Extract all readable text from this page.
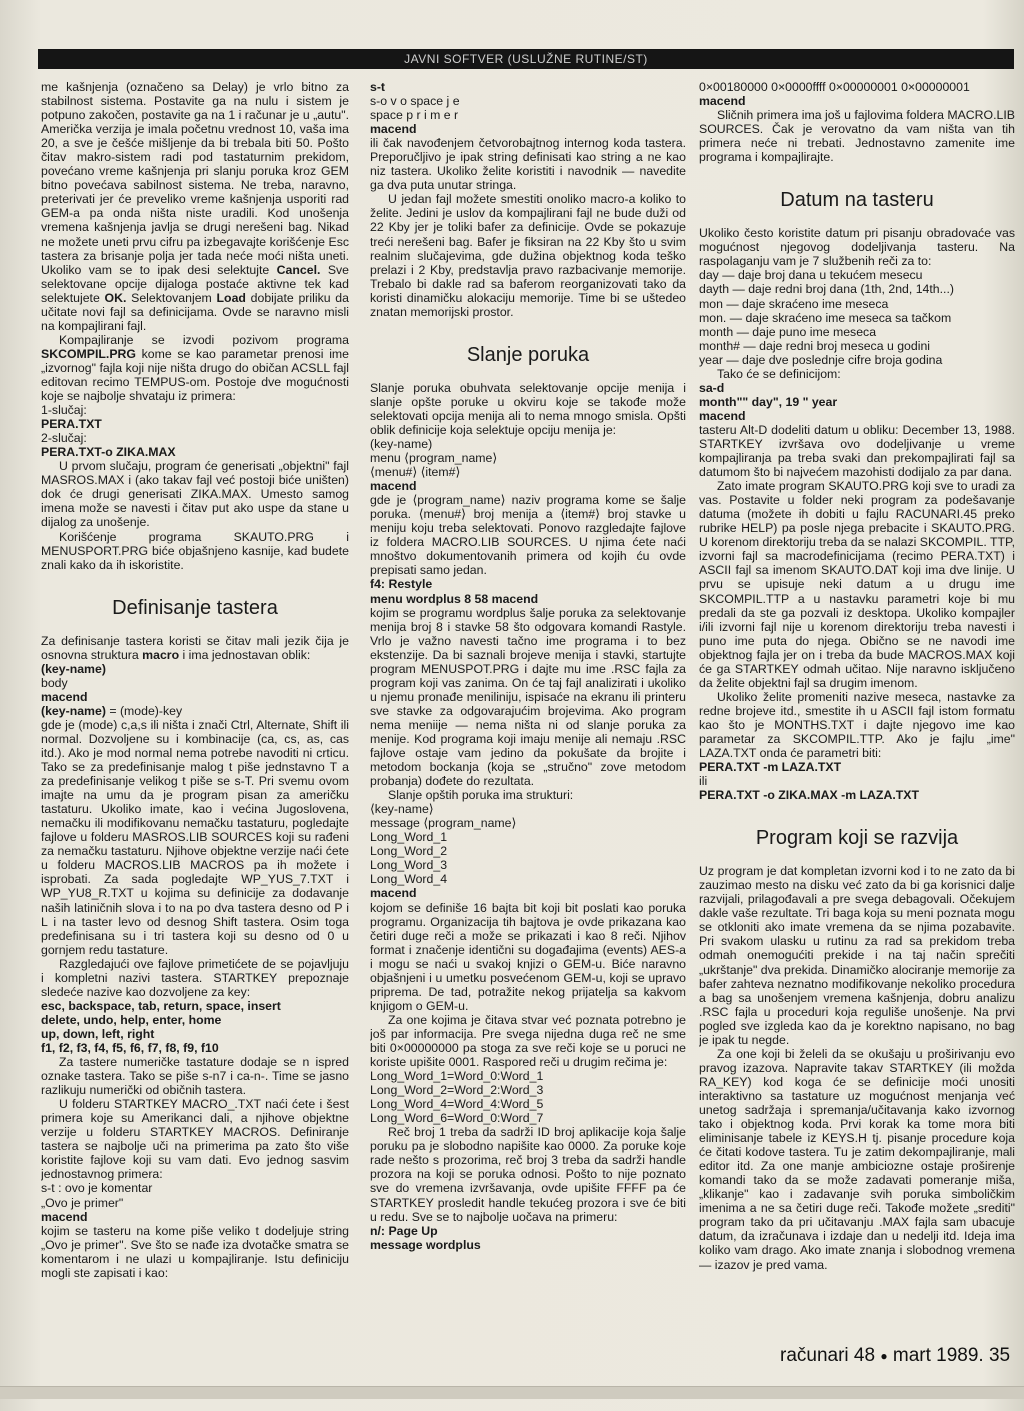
JAVNI SOFTVER (USLUŽNE RUTINE/ST)

me kašnjenja (označeno sa Delay) je vrlo bitno za stabilnost sistema. Postavite ga na nulu i sistem je potpuno zakočen, postavite ga na 1 i računar je u „autu". Američka verzija je imala početnu vrednost 10, vaša ima 20, a sve je češće mišljenje da bi trebala biti 50. Pošto čitav makro-sistem radi pod tastaturnim prekidom, povećano vreme kašnjenja pri slanju poruka kroz GEM bitno povećava sabilnost sistema. Ne treba, naravno, preterivati jer će preveliko vreme kašnjenja usporiti rad GEM-a pa onda ništa niste uradili. Kod unošenja vremena kašnjenja javlja se drugi nerešeni bag. Nikad ne možete uneti prvu cifru pa izbegavajte korišćenje Esc tastera za brisanje polja jer tada neće moći ništa uneti. Ukoliko vam se to ipak desi selektujte Cancel. Sve selektovane opcije dijaloga postaće aktivne tek kad selektujete OK. Selektovanjem Load dobijate priliku da učitate novi fajl sa definicijama. Ovde se naravno misli na kompajlirani fajl.

Kompajliranje se izvodi pozivom programa SKCOMPIL.PRG kome se kao parametar prenosi ime „izvornog" fajla koji nije ništa drugo do običan ACSLL fajl editovan recimo TEMPUS-om. Postoje dve mogućnosti koje se najbolje shvataju iz primera:

1-slučaj:

PERA.TXT

2-slučaj:

PERA.TXT-o ZIKA.MAX

U prvom slučaju, program će generisati „objektni" fajl MASROS.MAX i (ako takav fajl već postoji biće uništen) dok će drugi generisati ZIKA.MAX. Umesto samog imena može se navesti i čitav put ako uspe da stane u dijalog za unošenje.

Korišćenje programa SKAUTO.PRG i MENUSPORT.PRG biće objašnjeno kasnije, kad budete znali kako da ih iskoristite.

Definisanje tastera

Za definisanje tastera koristi se čitav mali jezik čija je osnovna struktura macro i ima jednostavan oblik:

(key-name)

body

macend

(key-name) = (mode)-key

gde je (mode) c,a,s ili ništa i znači Ctrl, Alternate, Shift ili normal. Dozvoljene su i kombinacije (ca, cs, as, cas itd.). Ako je mod normal nema potrebe navoditi ni crticu. Tako se za predefinisanje malog t piše jednstavno T a za predefinisanje velikog t piše se s-T. Pri svemu ovom imajte na umu da je program pisan za američku tastaturu. Ukoliko imate, kao i većina Jugoslovena, nemačku ili modifikovanu nemačku tastaturu, pogledajte fajlove u folderu MASROS.LIB SOURCES koji su rađeni za nemačku tastaturu. Njihove objektne verzije naći ćete u folderu MACROS.LIB MACROS pa ih možete i isprobati. Za sada pogledajte WP_YUS_7.TXT i WP_YU8_R.TXT u kojima su definicije za dodavanje naših latiničnih slova i to na po dva tastera desno od P i L i na taster levo od desnog Shift tastera. Osim toga predefinisana su i tri tastera koji su desno od 0 u gornjem redu tastature.

Razgledajući ove fajlove primetićete de se pojavljuju i kompletni nazivi tastera. STARTKEY prepoznaje sledeće nazive kao dozvoljene za key:

esc, backspace, tab, return, space, insert

delete, undo, help, enter, home

up, down, left, right

f1, f2, f3, f4, f5, f6, f7, f8, f9, f10

Za tastere numeričke tastature dodaje se n ispred oznake tastera. Tako se piše s-n7 i ca-n-. Time se jasno razlikuju numerički od običnih tastera.

U folderu STARTKEY MACRO_.TXT naći ćete i šest primera koje su Amerikanci dali, a njihove objektne verzije u folderu STARTKEY MACROS. Definiranje tastera se najbolje uči na primerima pa zato što više koristite fajlove koji su vam dati. Evo jednog sasvim jednostavnog primera:

s-t : ovo je komentar

„Ovo je primer"

macend

kojim se tasteru na kome piše veliko t dodeljuje string „Ovo je primer". Sve što se nađe iza dvotačke smatra se komentarom i ne ulazi u kompajliranje. Istu definiciju mogli ste zapisati i kao:

s-t

s-o v o space j e

space p r i m e r

macend

ili čak navođenjem četvorobajtnog internog koda tastera. Preporučljivo je ipak string definisati kao string a ne kao niz tastera. Ukoliko želite koristiti i navodnik — navedite ga dva puta unutar stringa.

U jedan fajl možete smestiti onoliko macro-a koliko to želite. Jedini je uslov da kompajlirani fajl ne bude duži od 22 Kby jer je toliki bafer za definicije. Ovde se pokazuje treći nerešeni bag. Bafer je fiksiran na 22 Kby što u svim realnim slučajevima, gde dužina objektnog koda teško prelazi i 2 Kby, predstavlja pravo razbacivanje memorije. Trebalo bi dakle rad sa baferom reorganizovati tako da koristi dinamičku alokaciju memorije. Time bi se uštedeo znatan memorijski prostor.

Slanje poruka

Slanje poruka obuhvata selektovanje opcije menija i slanje opšte poruke u okviru koje se takođe može selektovati opcija menija ali to nema mnogo smisla. Opšti oblik definicije koja selektuje opciju menija je:

(key-name)

menu ⟨program_name⟩

⟨menu#⟩ ⟨item#⟩

macend

gde je ⟨program_name⟩ naziv programa kome se šalje poruka. ⟨menu#⟩ broj menija a ⟨item#⟩ broj stavke u meniju koju treba selektovati. Ponovo razgledajte fajlove iz foldera MACRO.LIB SOURCES. U njima ćete naći mnoštvo dokumentovanih primera od kojih ću ovde prepisati samo jedan.

f4: Restyle

menu wordplus 8 58 macend

kojim se programu wordplus šalje poruka za selektovanje menija broj 8 i stavke 58 što odgovara komandi Rastyle. Vrlo je važno navesti tačno ime programa i to bez ekstenzije. Da bi saznali brojeve menija i stavki, startujte program MENUSPOT.PRG i dajte mu ime .RSC fajla za program koji vas zanima. On će taj fajl analizirati i ukoliko u njemu pronađe meniliniju, ispisaće na ekranu ili printeru sve stavke za odgovarajućim brojevima. Ako program nema meniije — nema ništa ni od slanje poruka za menije. Kod programa koji imaju menije ali nemaju .RSC fajlove ostaje vam jedino da pokušate da brojite i metodom bockanja (koja se „stručno" zove metodom probanja) dođete do rezultata.

Slanje opštih poruka ima strukturi:

⟨key-name⟩

message ⟨program_name⟩

Long_Word_1

Long_Word_2

Long_Word_3

Long_Word_4

macend

kojom se definiše 16 bajta bit koji bit poslati kao poruka programu. Organizacija tih bajtova je ovde prikazana kao četiri duge reči a može se prikazati i kao 8 reči. Njihov format i značenje identični su događajima (events) AES-a i mogu se naći u svakoj knjizi o GEM-u. Biće naravno objašnjeni i u umetku posvećenom GEM-u, koji se upravo priprema. De tad, potražite nekog prijatelja sa kakvom knjigom o GEM-u.

Za one kojima je čitava stvar već poznata potrebno je još par informacija. Pre svega nijedna duga reč ne sme biti 0×00000000 pa stoga za sve reči koje se u poruci ne koriste upišite 0001. Raspored reči u drugim rečima je:

Long_Word_1=Word_0:Word_1

Long_Word_2=Word_2:Word_3

Long_Word_4=Word_4:Word_5

Long_Word_6=Word_0:Word_7

Reč broj 1 treba da sadrži ID broj aplikacije koja šalje poruku pa je slobodno napišite kao 0000. Za poruke koje rade nešto s prozorima, reč broj 3 treba da sadrži handle prozora na koji se poruka odnosi. Pošto to nije poznato sve do vremena izvršavanja, ovde upišite FFFF pa će STARTKEY prosledit handle tekućeg prozora i sve će biti u redu. Sve se to najbolje uočava na primeru:

n/: Page Up

message wordplus

0×00180000 0×0000ffff 0×00000001 0×00000001

macend

Sličnih primera ima još u fajlovima foldera MACRO.LIB SOURCES. Čak je verovatno da vam ništa van tih primera neće ni trebati. Jednostavno zamenite ime programa i kompajlirajte.

Datum na tasteru

Ukoliko često koristite datum pri pisanju obradovaće vas mogućnost njegovog dodeljivanja tasteru. Na raspolaganju vam je 7 službenih reči za to:

day — daje broj dana u tekućem mesecu

dayth — daje redni broj dana (1th, 2nd, 14th...)

mon — daje skraćeno ime meseca

mon. — daje skraćeno ime meseca sa tačkom

month — daje puno ime meseca

month# — daje redni broj meseca u godini

year — daje dve poslednje cifre broja godina

Tako će se definicijom:

sa-d

month"" day", 19 " year

macend

tasteru Alt-D dodeliti datum u obliku: December 13, 1988. STARTKEY izvršava ovo dodeljivanje u vreme kompajliranja pa treba svaki dan prekompajlirati fajl sa datumom što bi najvećem mazohisti dodijalo za par dana.

Zato imate program SKAUTO.PRG koji sve to uradi za vas. Postavite u folder neki program za podešavanje datuma (možete ih dobiti u fajlu RACUNARI.45 preko rubrike HELP) pa posle njega prebacite i SKAUTO.PRG. U korenom direktoriju treba da se nalazi SKCOMPIL. TTP, izvorni fajl sa macrodefinicijama (recimo PERA.TXT) i ASCII fajl sa imenom SKAUTO.DAT koji ima dve linije. U prvu se upisuje neki datum a u drugu ime SKCOMPIL.TTP a u nastavku parametri koje bi mu predali da ste ga pozvali iz desktopa. Ukoliko kompajler i/ili izvorni fajl nije u korenom direktoriju treba navesti i puno ime puta do njega. Obično se ne navodi ime objektnog fajla jer on i treba da bude MACROS.MAX koji će ga STARTKEY odmah učitao. Nije naravno isključeno da želite objektni fajl sa drugim imenom.

Ukoliko želite promeniti nazive meseca, nastavke za redne brojeve itd., smestite ih u ASCII fajl istom formatu kao što je MONTHS.TXT i dajte njegovo ime kao parametar za SKCOMPIL.TTP. Ako je fajlu „ime" LAZA.TXT onda će parametri biti:

PERA.TXT -m LAZA.TXT

ili

PERA.TXT -o ZIKA.MAX -m LAZA.TXT

Program koji se razvija

Uz program je dat kompletan izvorni kod i to ne zato da bi zauzimao mesto na disku već zato da bi ga korisnici dalje razvijali, prilagođavali a pre svega debagovali. Očekujem dakle vaše rezultate. Tri baga koja su meni poznata mogu se otkloniti ako imate vremena da se njima pozabavite. Pri svakom ulasku u rutinu za rad sa prekidom treba odmah onemogućiti prekide i na taj način sprečiti „ukrštanje" dva prekida. Dinamičko alociranje memorije za bafer zahteva neznatno modifikovanje nekoliko procedura a bag sa unošenjem vremena kašnjenja, dobru analizu .RSC fajla u proceduri koja reguliše unošenje. Na prvi pogled sve izgleda kao da je korektno napisano, no bag je ipak tu negde.

Za one koji bi želeli da se okušaju u proširivanju evo pravog izazova. Napravite takav STARTKEY (ili možda RA_KEY) kod koga će se definicije moći unositi interaktivno sa tastature uz mogućnost menjanja već unetog sadržaja i spremanja/učitavanja kako izvornog tako i objektnog koda. Prvi korak ka tome mora biti eliminisanje tabele iz KEYS.H tj. pisanje procedure koja će čitati kodove tastera. Tu je zatim dekompajliranje, mali editor itd. Za one manje ambiciozne ostaje proširenje komandi tako da se može zadavati pomeranje miša, „klikanje" kao i zadavanje svih poruka simboličkim imenima a ne sa četiri duge reči. Takođe možete „srediti" program tako da pri učitavanju .MAX fajla sam ubacuje datum, da izračunava i izdaje dan u nedelji itd. Ideja ima koliko vam drago. Ako imate znanja i slobodnog vremena — izazov je pred vama.

računari 48 ● mart 1989. 35
